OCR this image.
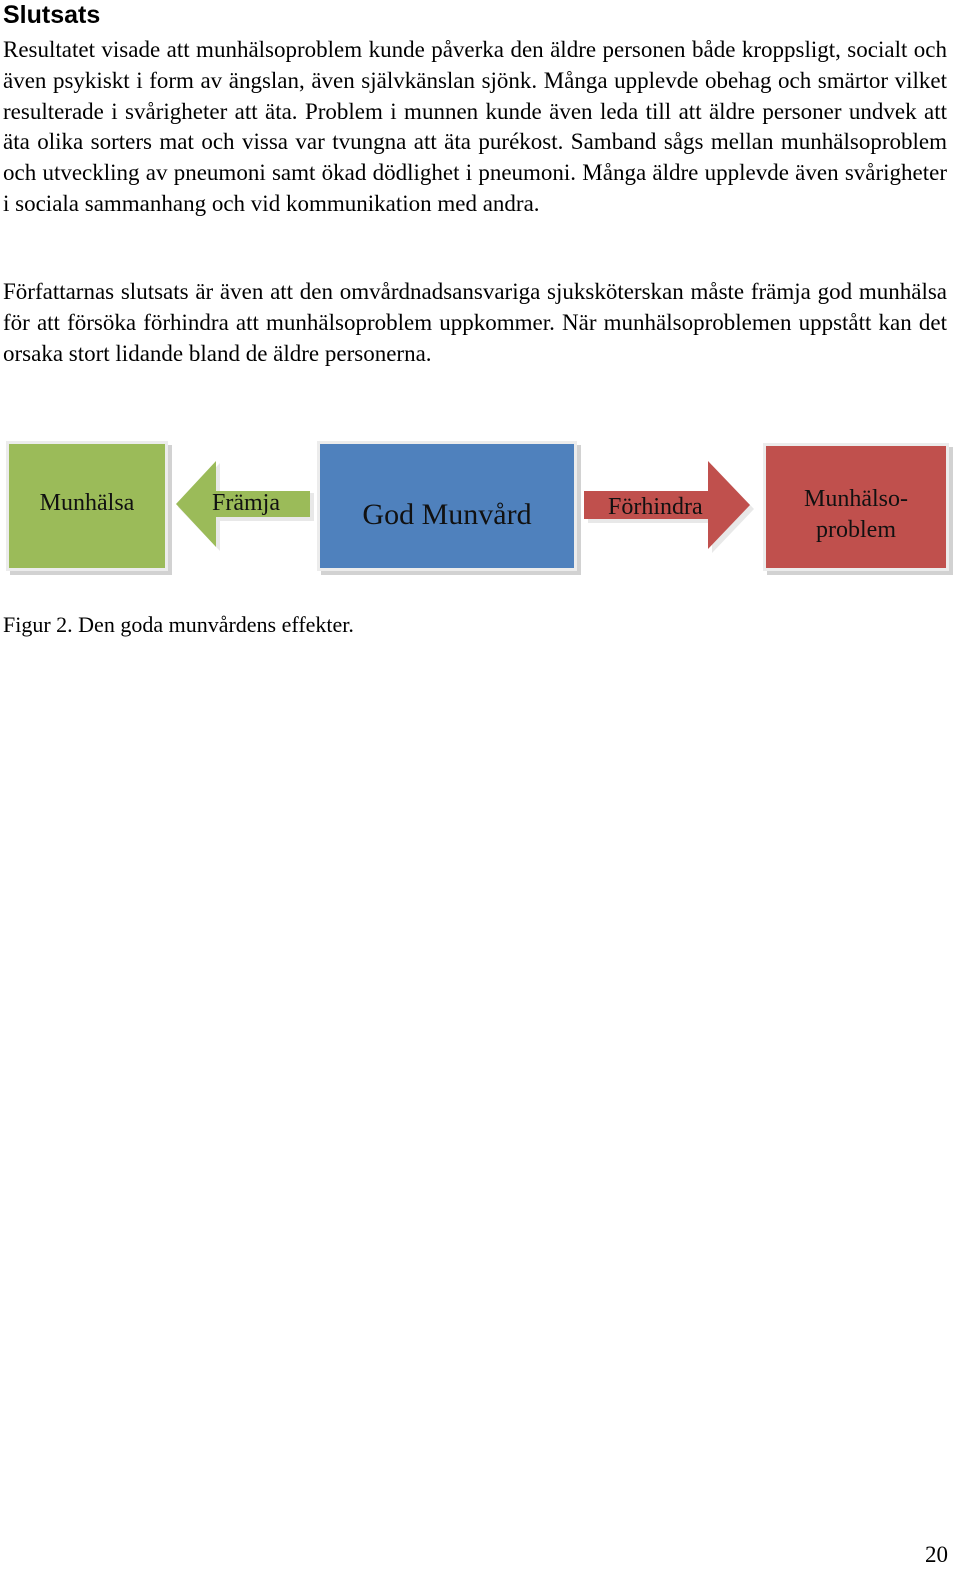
Slutsats
Resultatet visade att munhälsoproblem kunde påverka den äldre personen både kroppsligt, socialt och även psykiskt i form av ängslan, även självkänslan sjönk. Många upplevde obehag och smärtor vilket resulterade i svårigheter att äta. Problem i munnen kunde även leda till att äldre personer undvek att äta olika sorters mat och vissa var tvungna att äta purékost. Samband sågs mellan munhälsoproblem och utveckling av pneumoni samt ökad dödlighet i pneumoni. Många äldre upplevde även svårigheter i sociala sammanhang och vid kommunikation med andra.
Författarnas slutsats är även att den omvårdnadsansvariga sjuksköterskan måste främja god munhälsa för att försöka förhindra att munhälsoproblem uppkommer. När munhälsoproblemen uppstått kan det orsaka stort lidande bland de äldre personerna.
Munhälsa	Främja	God Munvård	Förhindra	Munhälso-
problem
Figur 2. Den goda munvårdens effekter.
20
